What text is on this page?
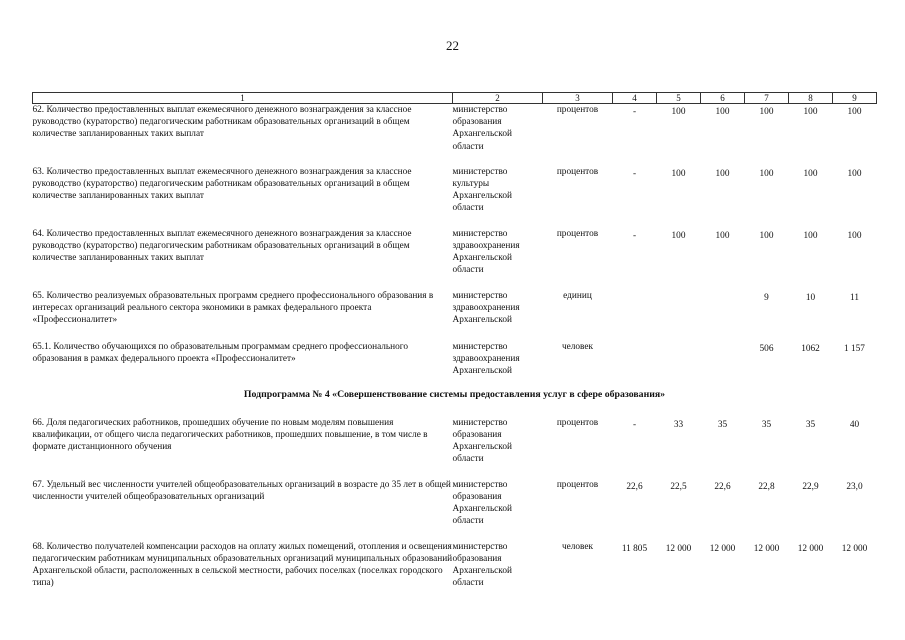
22
1	2	3	4	5	6	7	8	9
62. Количество предоставленных выплат ежемесячного денежного вознаграждения за классное руководство (кураторство) педагогическим работникам образовательных организаций в общем количестве запланированных таких выплат	министерство образования Архангельской области	процентов	-	100	100	100	100	100

63. Количество предоставленных выплат ежемесячного денежного вознаграждения за классное руководство (кураторство) педагогическим работникам образовательных организаций в общем количестве запланированных таких выплат	министерство культуры Архангельской области	процентов	-	100	100	100	100	100

64. Количество предоставленных выплат ежемесячного денежного вознаграждения за классное руководство (кураторство) педагогическим работникам образовательных организаций в общем количестве запланированных таких выплат	министерство здравоохранения Архангельской области	процентов	-	100	100	100	100	100

65. Количество реализуемых образовательных программ среднего профессионального образования в интересах организаций реального сектора экономики в рамках федерального проекта «Профессионалитет»	министерство здравоохранения Архангельской	единиц				9	10	11

65.1. Количество обучающихся по образовательным программам среднего профессионального образования в рамках федерального проекта «Профессионалитет»	министерство здравоохранения Архангельской	человек				506	1062	1 157

Подпрограмма № 4 «Совершенствование системы предоставления услуг в сфере образования»								
66. Доля педагогических работников, прошедших обучение по новым моделям повышения квалификации, от общего числа педагогических работников, прошедших повышение, в том числе в формате дистанционного обучения	министерство образования Архангельской области	процентов	-	33	35	35	35	40

67. Удельный вес численности учителей общеобразовательных организаций в возрасте до 35 лет в общей численности учителей общеобразовательных организаций	министерство образования Архангельской области	процентов	22,6	22,5	22,6	22,8	22,9	23,0

68. Количество получателей компенсации расходов на оплату жилых помещений, отопления и освещения педагогическим работникам муниципальных образовательных организаций муниципальных образований Архангельской области, расположенных в сельской местности, рабочих поселках (поселках городского типа)	министерство образования Архангельской области	человек	11 805	12 000	12 000	12 000	12 000	12 000
